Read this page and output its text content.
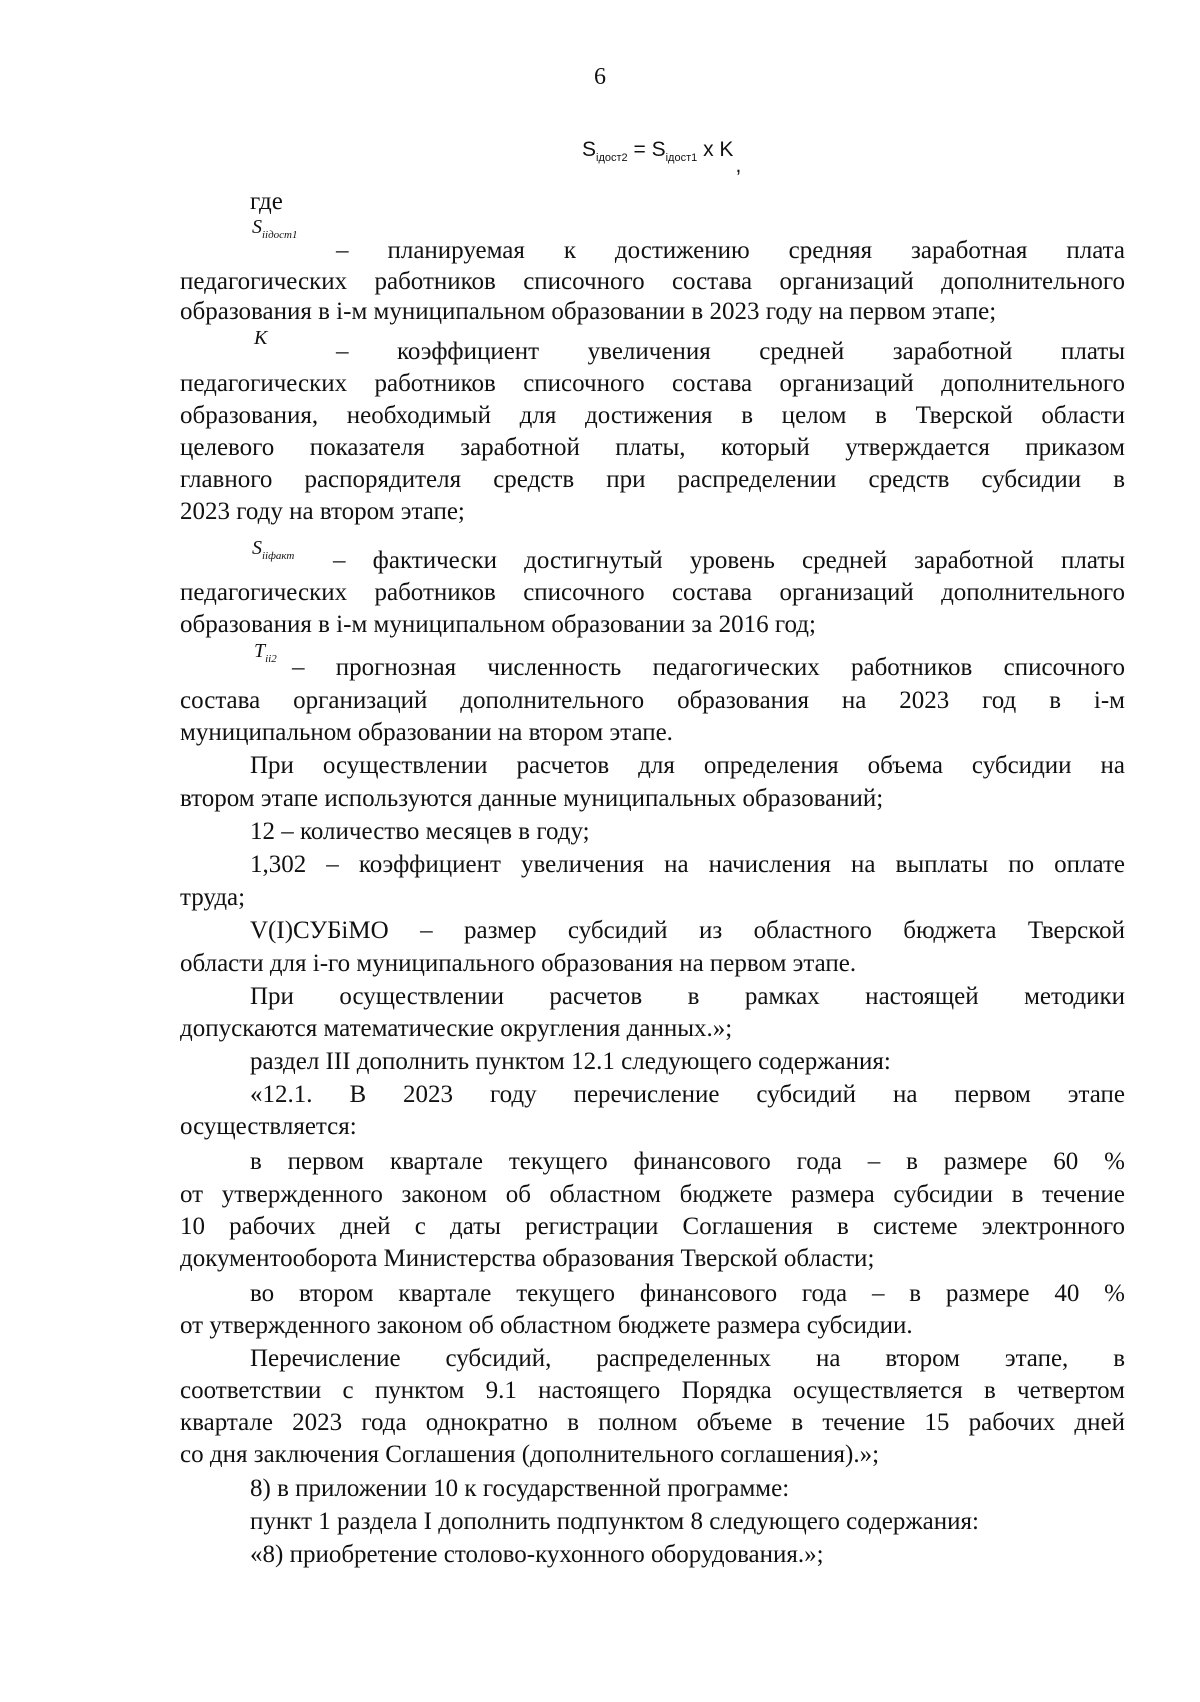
6
$S_{iдост2} = S_{iдост1}$ x K,
$S_{iiдост1}$
K
$S_{iiфакт}$
$T_{ii2}$
где
– планируемая к достижению средняя заработная плата
педагогических работников списочного состава организаций дополнительного
образования в i-м муниципальном образовании в 2023 году на первом этапе;
– коэффициент увеличения средней заработной платы
педагогических работников списочного состава организаций дополнительного
образования, необходимый для достижения в целом в Тверской области
целевого показателя заработной платы, который утверждается приказом
главного распорядителя средств при распределении средств субсидии в
2023 году на втором этапе;
– фактически достигнутый уровень средней заработной платы
педагогических работников списочного состава организаций дополнительного
образования в i-м муниципальном образовании за 2016 год;
– прогнозная численность педагогических работников списочного
состава организаций дополнительного образования на 2023 год в i-м
муниципальном образовании на втором этапе.
При осуществлении расчетов для определения объема субсидии на
втором этапе используются данные муниципальных образований;
12 – количество месяцев в году;
1,302 – коэффициент увеличения на начисления на выплаты по оплате
труда;
V(I)СУБiМО – размер субсидий из областного бюджета Тверской
области для i-го муниципального образования на первом этапе.
При осуществлении расчетов в рамках настоящей методики
допускаются математические округления данных.»;
раздел III дополнить пунктом 12.1 следующего содержания:
«12.1. В 2023 году перечисление субсидий на первом этапе
осуществляется:
в первом квартале текущего финансового года – в размере 60 %
от утвержденного законом об областном бюджете размера субсидии в течение
10 рабочих дней с даты регистрации Соглашения в системе электронного
документооборота Министерства образования Тверской области;
во втором квартале текущего финансового года – в размере 40 %
от утвержденного законом об областном бюджете размера субсидии.
Перечисление субсидий, распределенных на втором этапе, в
соответствии с пунктом 9.1 настоящего Порядка осуществляется в четвертом
квартале 2023 года однократно в полном объеме в течение 15 рабочих дней
со дня заключения Соглашения (дополнительного соглашения).»;
8) в приложении 10 к государственной программе:
пункт 1 раздела I дополнить подпунктом 8 следующего содержания:
«8) приобретение столово-кухонного оборудования.»;
